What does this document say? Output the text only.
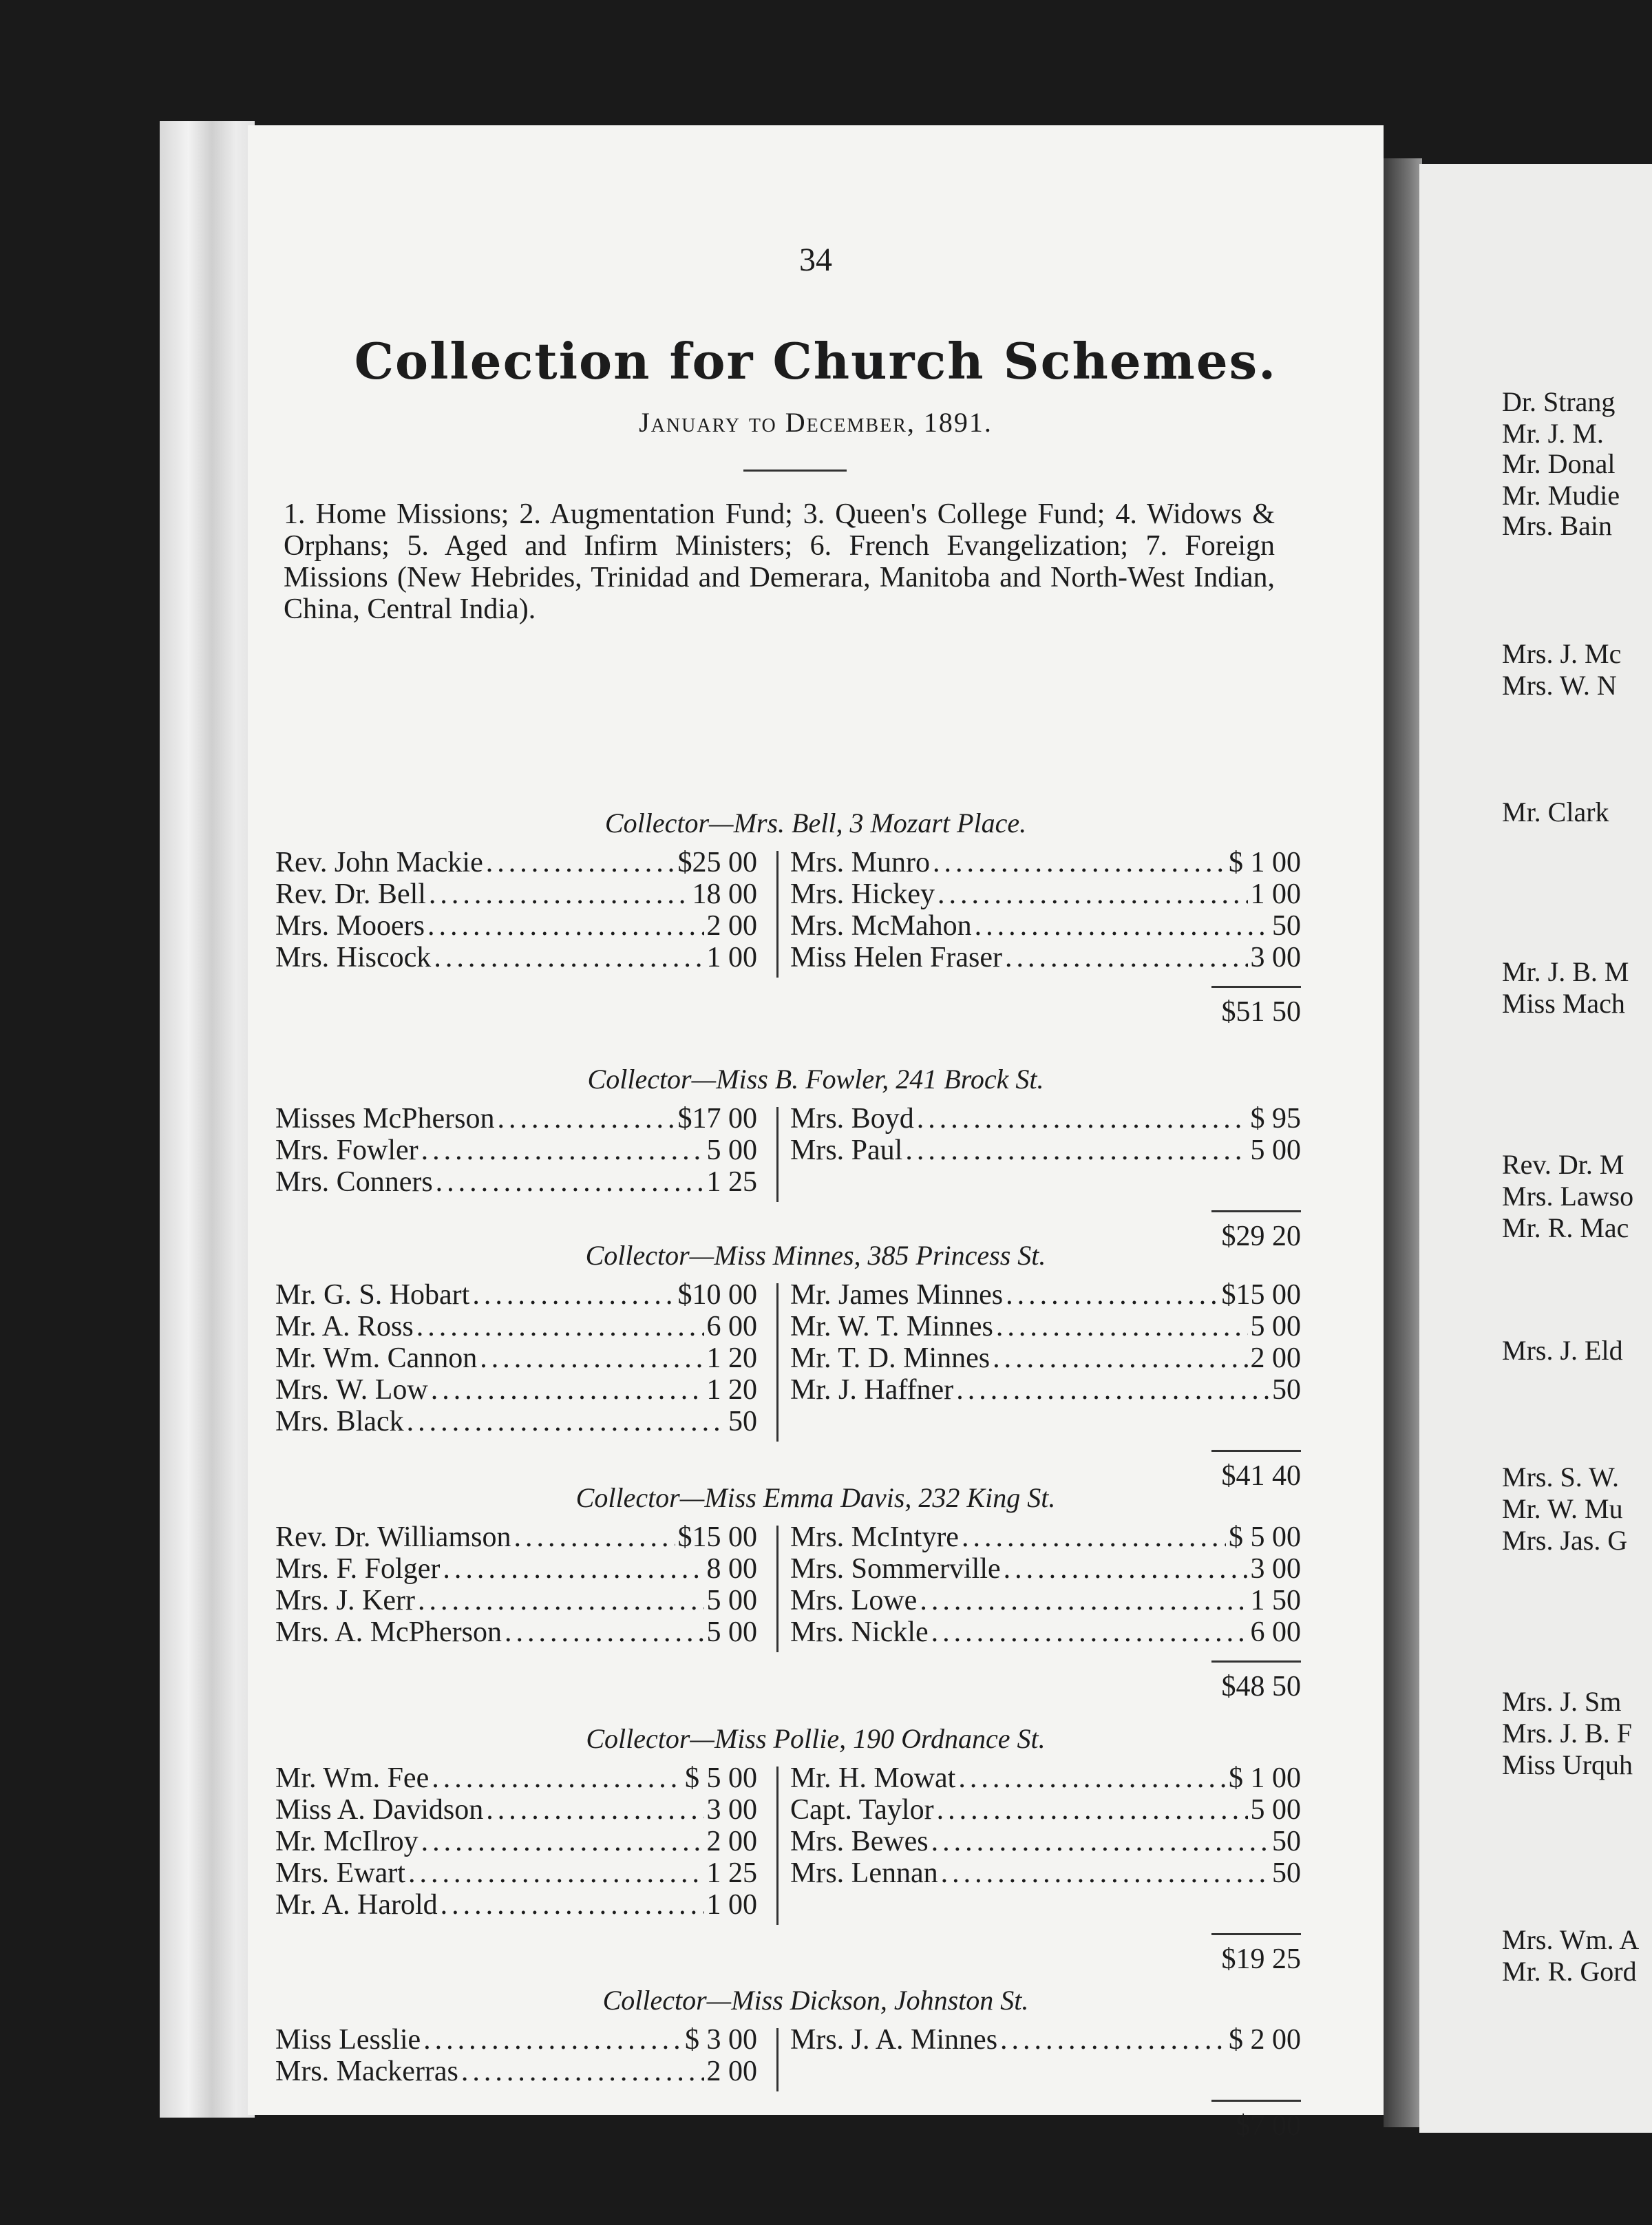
34
Collection for Church Schemes.
January to December, 1891.
1. Home Missions; 2. Augmentation Fund; 3. Queen's College Fund; 4. Widows & Orphans; 5. Aged and Infirm Ministers; 6. French Evangelization; 7. Foreign Missions (New Hebrides, Trinidad and Demerara, Manitoba and North-West Indian, China, Central India).
Collector—Mrs. Bell, 3 Mozart Place.
Rev. John Mackie .....	$25 00
Rev. Dr. Bell .....	18 00
Mrs. Mooers .....	2 00
Mrs. Hiscock .....	1 00
Mrs. Munro .....	$ 1 00
Mrs. Hickey .....	1 00
Mrs. McMahon .....	50
Miss Helen Fraser .....	3 00
$51 50
Collector—Miss B. Fowler, 241 Brock St.
Misses McPherson .....	$17 00
Mrs. Fowler .....	5 00
Mrs. Conners .....	1 25
Mrs. Boyd .....	$ 95
Mrs. Paul .....	5 00
$29 20
Collector—Miss Minnes, 385 Princess St.
Mr. G. S. Hobart .....	$10 00
Mr. A. Ross .....	6 00
Mr. Wm. Cannon .....	1 20
Mrs. W. Low .....	1 20
Mrs. Black .....	50
Mr. James Minnes .....	$15 00
Mr. W. T. Minnes .....	5 00
Mr. T. D. Minnes .....	2 00
Mr. J. Haffner .....	50
$41 40
Collector—Miss Emma Davis, 232 King St.
Rev. Dr. Williamson .....	$15 00
Mrs. F. Folger .....	8 00
Mrs. J. Kerr .....	5 00
Mrs. A. McPherson .....	5 00
Mrs. McIntyre .....	$ 5 00
Mrs. Sommerville .....	3 00
Mrs. Lowe .....	1 50
Mrs. Nickle .....	6 00
$48 50
Collector—Miss Pollie, 190 Ordnance St.
Mr. Wm. Fee .....	$ 5 00
Miss A. Davidson .....	3 00
Mr. McIlroy .....	2 00
Mrs. Ewart .....	1 25
Mr. A. Harold .....	1 00
Mr. H. Mowat .....	$ 1 00
Capt. Taylor .....	5 00
Mrs. Bewes .....	50
Mrs. Lennan .....	50
$19 25
Collector—Miss Dickson, Johnston St.
Miss Lesslie .....	$ 3 00
Mrs. Mackerras .....	2 00
Mrs. J. A. Minnes .....	$ 2 00
$7 00
Dr. Strang
Mr. J. M.
Mr. Donal
Mr. Mudie
Mrs. Bain
Mrs. J. Mc
Mrs. W. N
Mr. Clark
Mr. J. B. M
Miss Mach
Rev. Dr. M
Mrs. Lawso
Mr. R. Mac
Mrs. J. Eld
Mrs. S. W.
Mr. W. Mu
Mrs. Jas. G
Mrs. J. Sm
Mrs. J. B. F
Miss Urquh
Mrs. Wm. A
Mr. R. Gord
